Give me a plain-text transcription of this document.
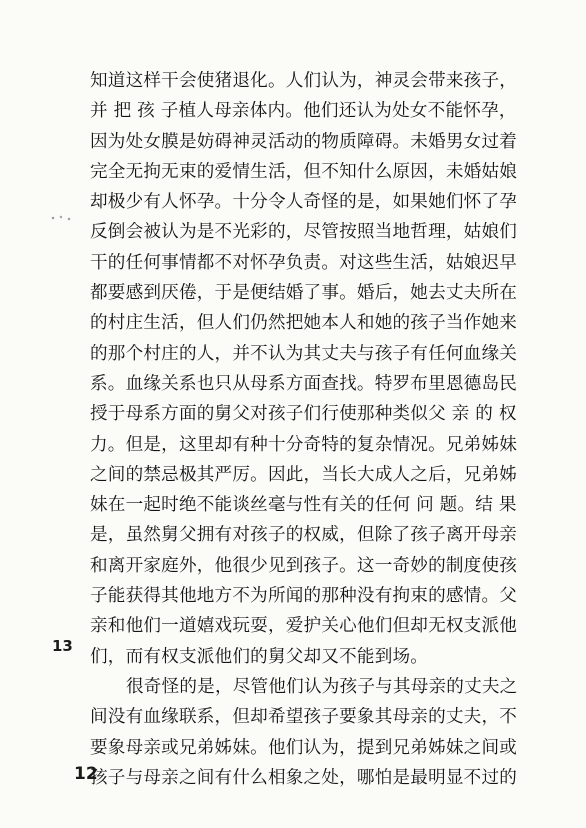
知道这样干会使猪退化。人们认为，神灵会带来孩子，
并 把 孩 子植人母亲体内。他们还认为处女不能怀孕，
因为处女膜是妨碍神灵活动的物质障碍。未婚男女过着
完全无拘无束的爱情生活，但不知什么原因，未婚姑娘
却极少有人怀孕。十分令人奇怪的是，如果她们怀了孕
反倒会被认为是不光彩的，尽管按照当地哲理，姑娘们
干的任何事情都不对怀孕负责。对这些生活，姑娘迟早
都要感到厌倦，于是便结婚了事。婚后，她去丈夫所在
的村庄生活，但人们仍然把她本人和她的孩子当作她来
的那个村庄的人，并不认为其丈夫与孩子有任何血缘关
系。血缘关系也只从母系方面查找。特罗布里恩德岛民
授于母系方面的舅父对孩子们行使那种类似父 亲 的 权
力。但是，这里却有种十分奇特的复杂情况。兄弟姊妹
之间的禁忌极其严厉。因此，当长大成人之后，兄弟姊
妹在一起时绝不能谈丝毫与性有关的任何 问 题。结 果
是，虽然舅父拥有对孩子的权威，但除了孩子离开母亲
和离开家庭外，他很少见到孩子。这一奇妙的制度使孩
子能获得其他地方不为所闻的那种没有拘束的感情。父
亲和他们一道嬉戏玩耍，爱护关心他们但却无权支派他
们，而有权支派他们的舅父却又不能到场。
很奇怪的是，尽管他们认为孩子与其母亲的丈夫之
间没有血缘联系，但却希望孩子要象其母亲的丈夫，不
要象母亲或兄弟姊妹。他们认为，提到兄弟姊妹之间或
孩子与母亲之间有什么相象之处，哪怕是最明显不过的
13
12
